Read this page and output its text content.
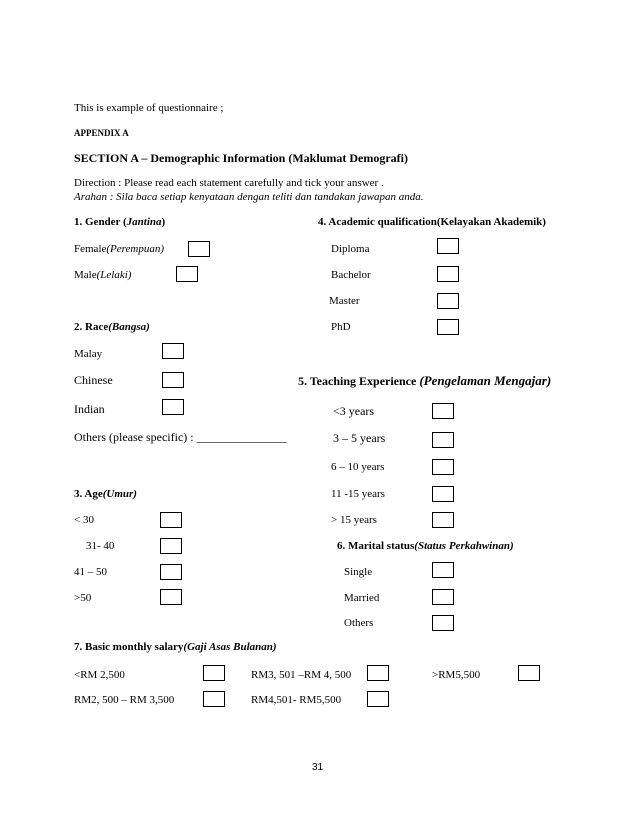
This is example of questionnaire ;
APPENDIX A
SECTION A – Demographic Information (Maklumat Demografi)
Direction : Please read each statement carefully and tick your answer .
Arahan : Sila baca setiap kenyataan dengan teliti dan tandakan jawapan anda.
1. Gender (Jantina)
Female(Perempuan)
Male(Lelaki)
4. Academic qualification(Kelayakan Akademik)
Diploma
Bachelor
Master
PhD
2. Race(Bangsa)
Malay
Chinese
Indian
Others (please specific) : _______________
5. Teaching Experience (Pengelaman Mengajar)
<3 years
3 – 5 years
6 – 10 years
11 -15 years
> 15 years
3. Age(Umur)
< 30
31- 40
41 – 50
>50
6. Marital status(Status Perkahwinan)
Single
Married
Others
7. Basic monthly salary(Gaji Asas Bulanan)
<RM 2,500
RM2, 500 – RM 3,500
RM3, 501 –RM 4, 500
RM4,501- RM5,500
>RM5,500
31
